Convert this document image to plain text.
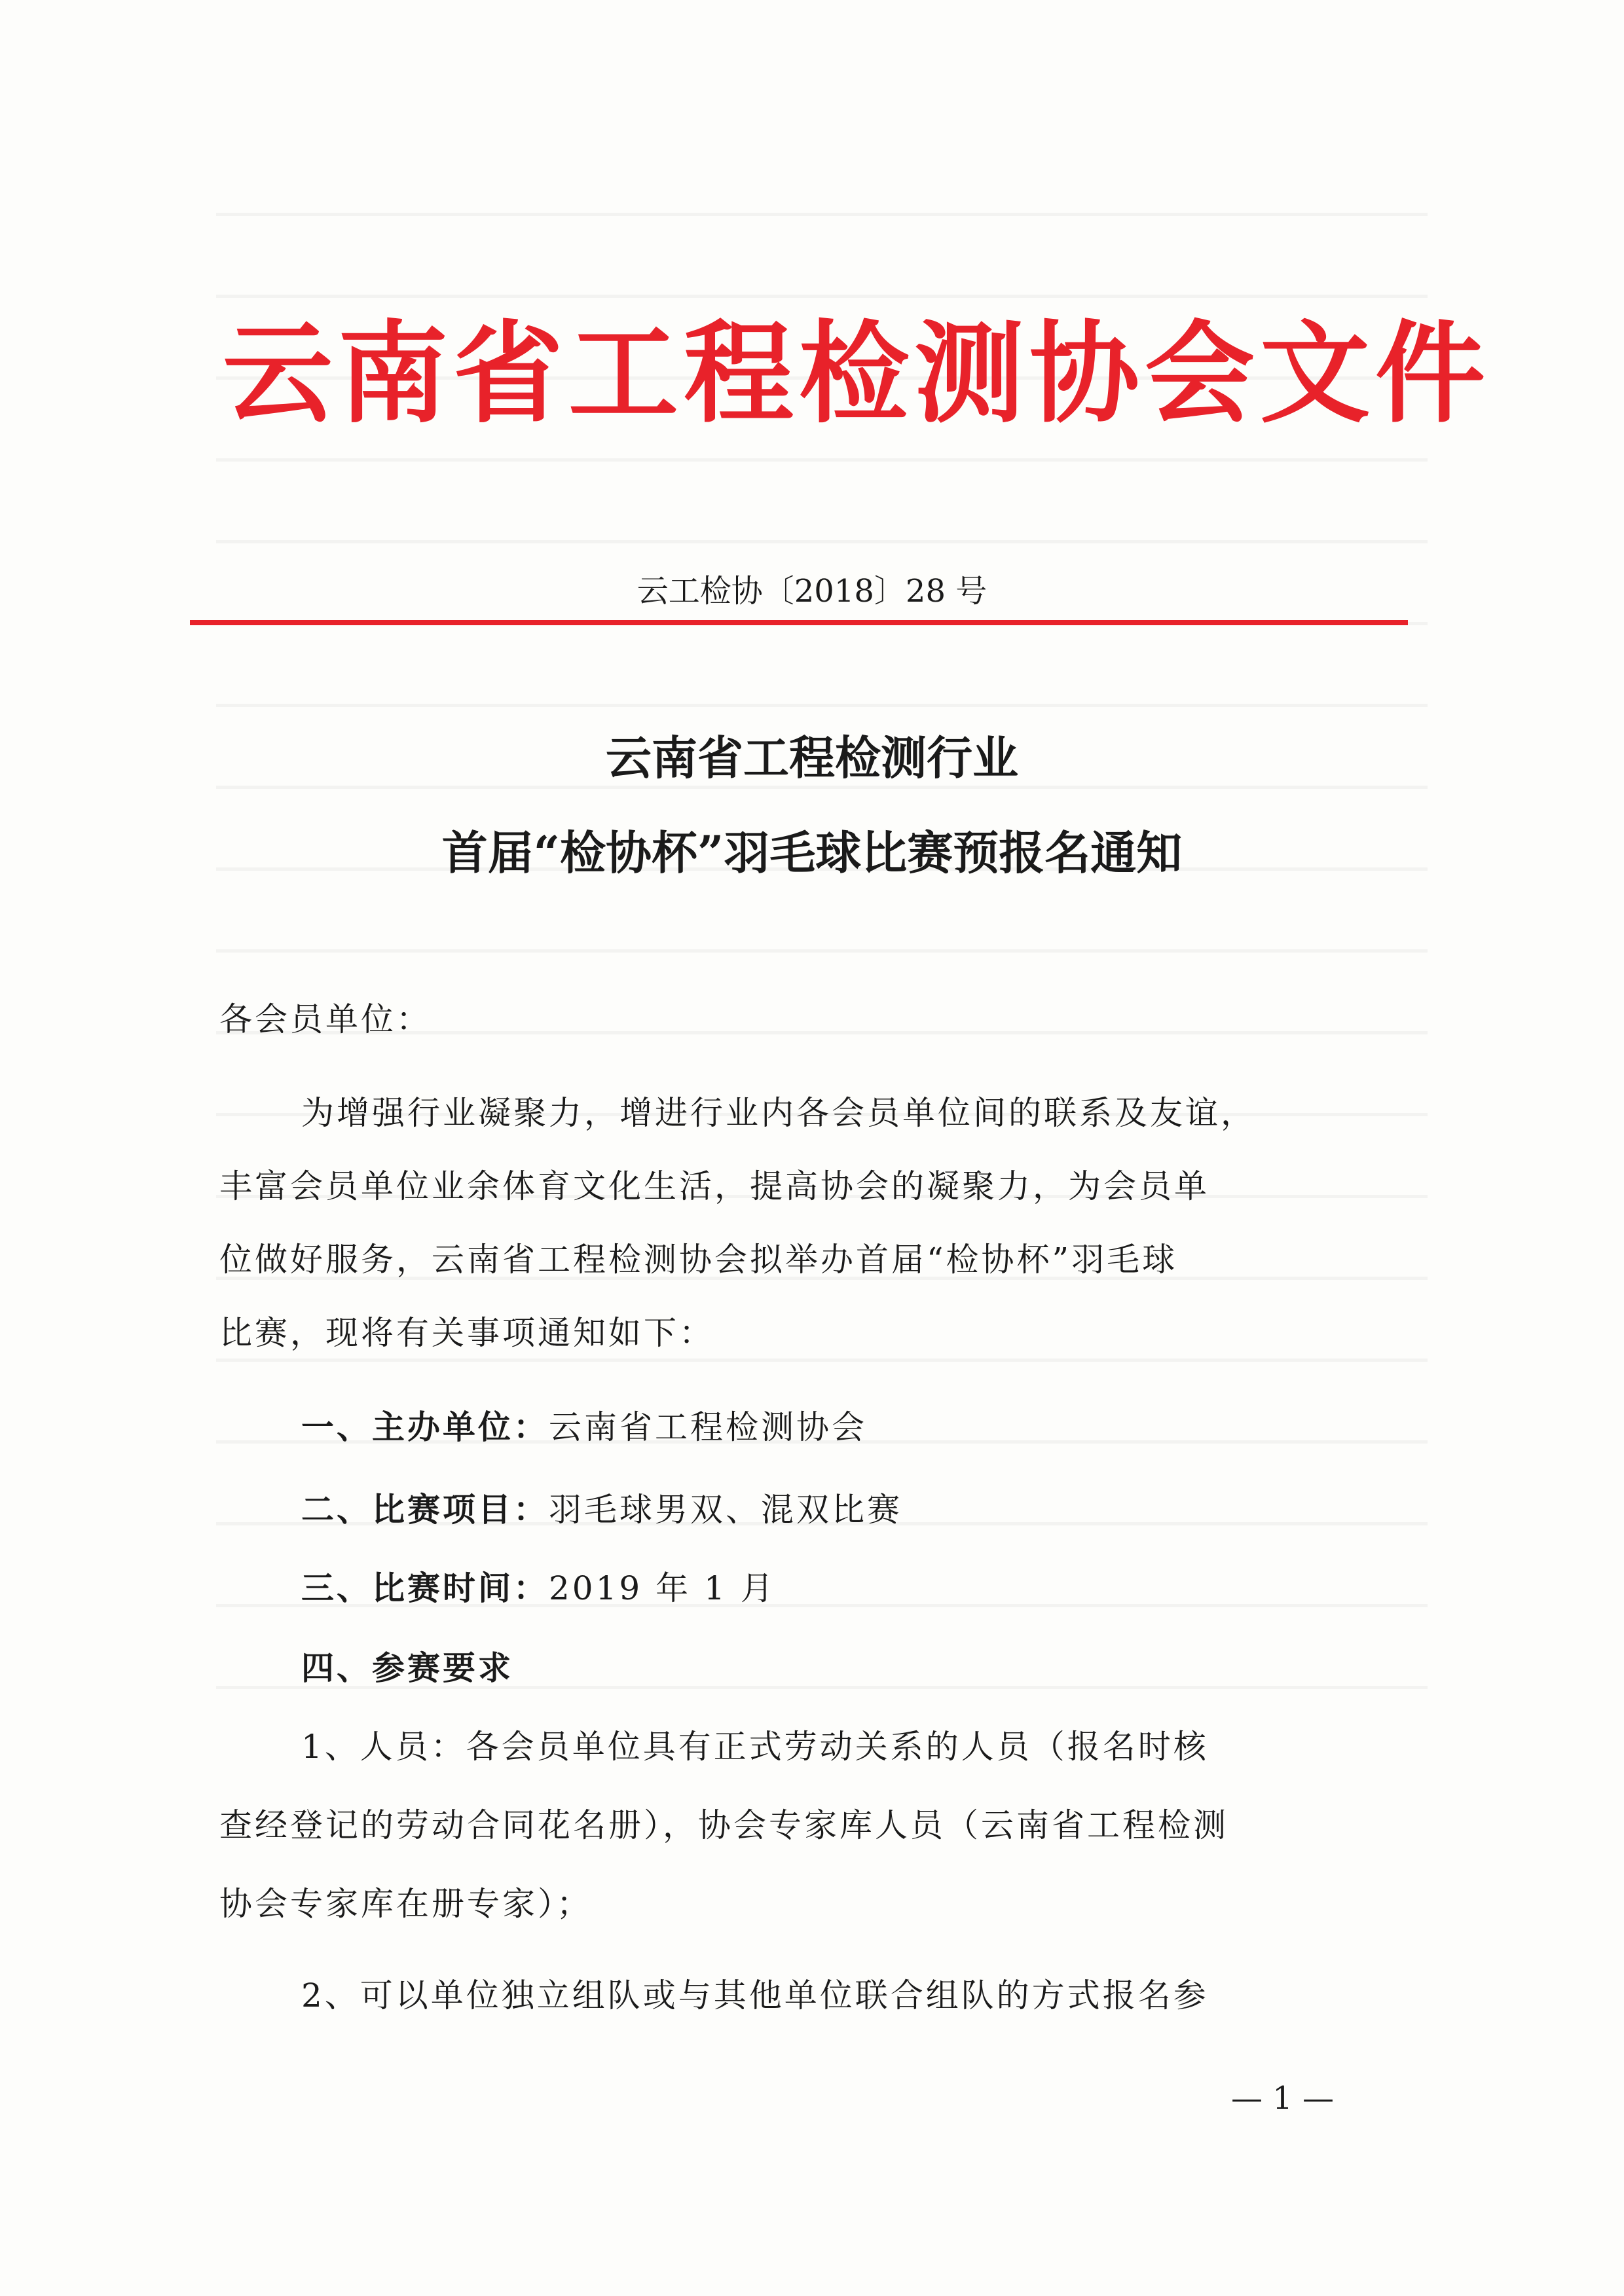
云南省工程检测协会文件
云工检协〔2018〕28 号
云南省工程检测行业
首届“检协杯”羽毛球比赛预报名通知
各会员单位：
为增强行业凝聚力，增进行业内各会员单位间的联系及友谊，
丰富会员单位业余体育文化生活，提高协会的凝聚力，为会员单
位做好服务，云南省工程检测协会拟举办首届“检协杯”羽毛球
比赛，现将有关事项通知如下：
一、主办单位：云南省工程检测协会
二、比赛项目：羽毛球男双、混双比赛
三、比赛时间：2019 年 1 月
四、参赛要求
1、人员：各会员单位具有正式劳动关系的人员（报名时核
查经登记的劳动合同花名册），协会专家库人员（云南省工程检测
协会专家库在册专家）；
2、可以单位独立组队或与其他单位联合组队的方式报名参
— 1 —
